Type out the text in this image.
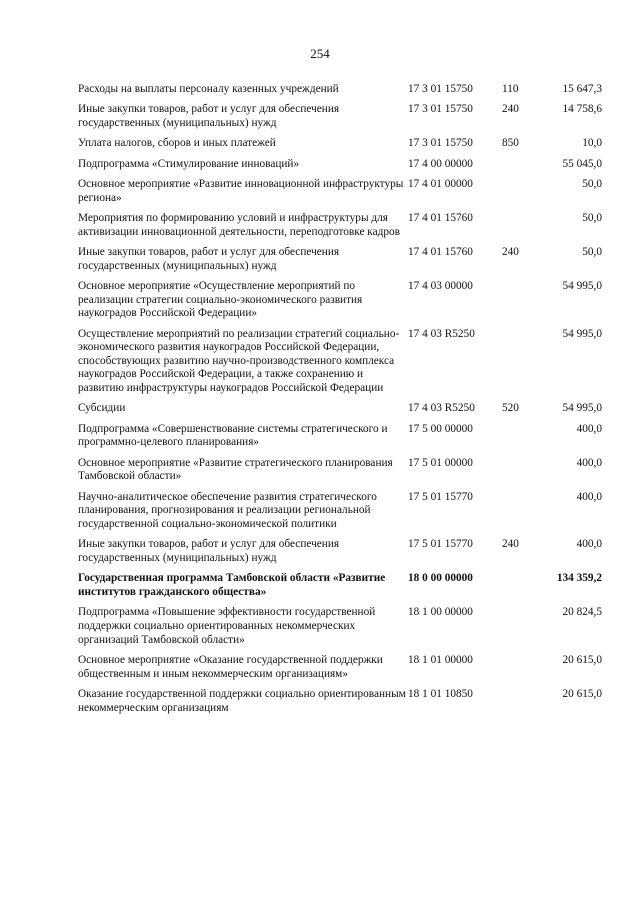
254
Расходы на выплаты персоналу казенных учреждений	17 3 01 15750	110	15 647,3
Иные закупки товаров, работ и услуг для обеспечения государственных (муниципальных) нужд	17 3 01 15750	240	14 758,6
Уплата налогов, сборов и иных платежей	17 3 01 15750	850	10,0
Подпрограмма «Стимулирование инноваций»	17 4 00 00000		55 045,0
Основное мероприятие «Развитие инновационной инфраструктуры региона»	17 4 01 00000		50,0
Мероприятия по формированию условий и инфраструктуры для активизации инновационной деятельности, переподготовке кадров	17 4 01 15760		50,0
Иные закупки товаров, работ и услуг для обеспечения государственных (муниципальных) нужд	17 4 01 15760	240	50,0
Основное мероприятие «Осуществление мероприятий по реализации стратегии социально-экономического развития наукоградов Российской Федерации»	17 4 03 00000		54 995,0
Осуществление мероприятий по реализации стратегий социально-экономического развития наукоградов Российской Федерации, способствующих развитию научно-производственного комплекса наукоградов Российской Федерации, а также сохранению и развитию инфраструктуры наукоградов Российской Федерации	17 4 03 R5250		54 995,0
Субсидии	17 4 03 R5250	520	54 995,0
Подпрограмма «Совершенствование системы стратегического и программно-целевого планирования»	17 5 00 00000		400,0
Основное мероприятие «Развитие стратегического планирования Тамбовской области»	17 5 01 00000		400,0
Научно-аналитическое обеспечение развития стратегического планирования, прогнозирования и реализации региональной государственной социально-экономической политики	17 5 01 15770		400,0
Иные закупки товаров, работ и услуг для обеспечения государственных (муниципальных) нужд	17 5 01 15770	240	400,0
Государственная программа Тамбовской области «Развитие институтов гражданского общества»	18 0 00 00000		134 359,2
Подпрограмма «Повышение эффективности государственной поддержки социально ориентированных некоммерческих организаций Тамбовской области»	18 1 00 00000		20 824,5
Основное мероприятие «Оказание государственной поддержки общественным и иным некоммерческим организациям»	18 1 01 00000		20 615,0
Оказание государственной поддержки социально ориентированным некоммерческим организациям	18 1 01 10850		20 615,0
